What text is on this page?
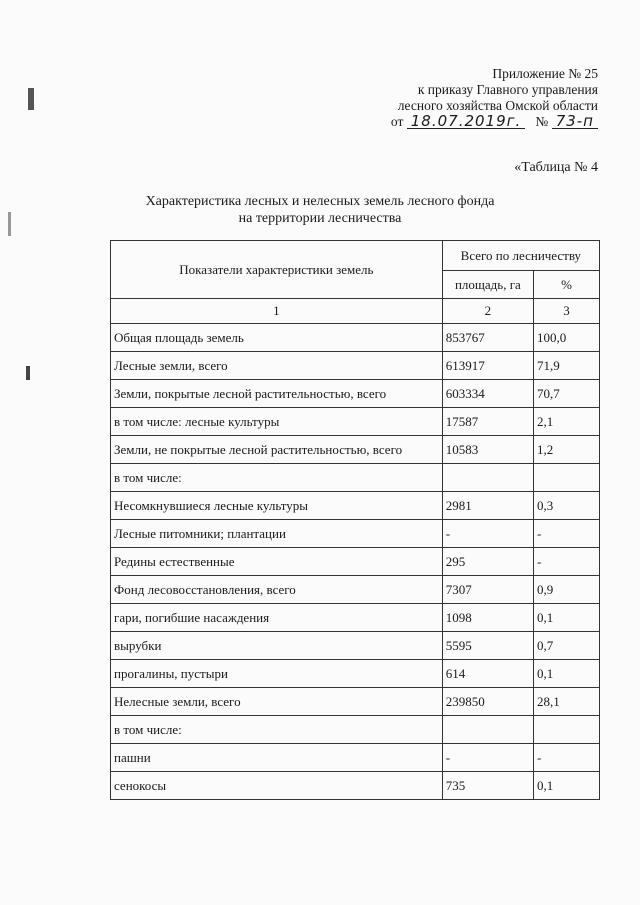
Приложение № 25
к приказу Главного управления
лесного хозяйства Омской области
от 18.07.2019г. № 73-п
«Таблица № 4
Характеристика лесных и нелесных земель лесного фонда
на территории лесничества
Показатели характеристики земель	Всего по лесничеству	
	площадь, га	%
1	2	3
Общая площадь земель	853767	100,0
Лесные земли, всего	613917	71,9
Земли, покрытые лесной растительностью, всего	603334	70,7
в том числе: лесные культуры	17587	2,1
Земли, не покрытые лесной растительностью, всего	10583	1,2
в том числе:		
Несомкнувшиеся лесные культуры	2981	0,3
Лесные питомники; плантации	-	-
Редины естественные	295	-
Фонд лесовосстановления, всего	7307	0,9
гари, погибшие насаждения	1098	0,1
вырубки	5595	0,7
прогалины, пустыри	614	0,1
Нелесные земли, всего	239850	28,1
в том числе:		
пашни	-	-
сенокосы	735	0,1
